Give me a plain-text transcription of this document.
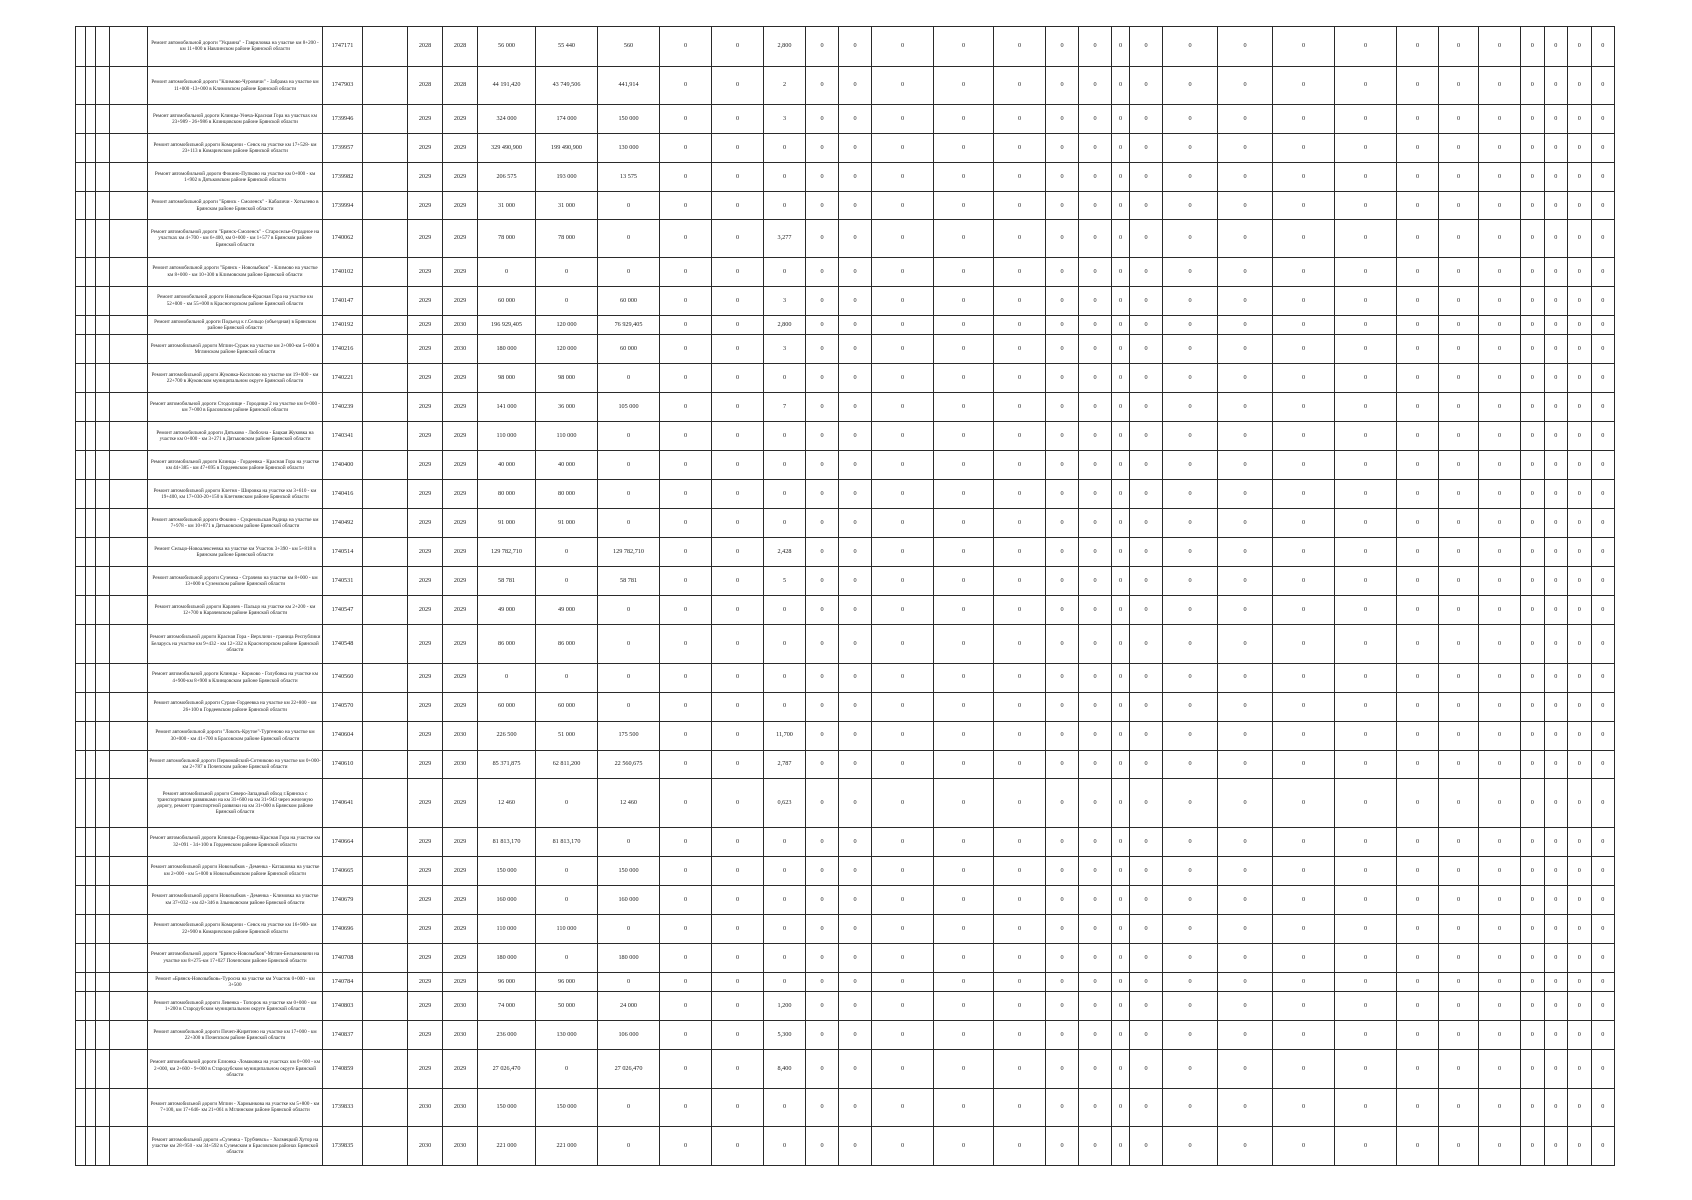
				Ремонт автомобильной дороги "Украина" - Гавриловка на участке км 8+200 - км 11+000 в Навлинском районе Брянской области	1747171		2028	2028	56 000	55 440	560	0	0	2,800	0	0	0	0	0	0	0	0	0	0	0	0	0	0	0	0	0	0	0	0
				Ремонт автомобильной дороги "Климово-Чуровичи" - Забрама на участке км 11+000 -13+000 в Климовском районе Брянской области	1747903		2028	2028	44 191,420	43 749,506	441,914	0	0	2	0	0	0	0	0	0	0	0	0	0	0	0	0	0	0	0	0	0	0	0
				Ремонт автомобильной дороги Клинцы-Унеча-Красная Гора на участках км 23+989 - 26+986 в Клинцовском районе Брянской области	1739946		2029	2029	324 000	174 000	150 000	0	0	3	0	0	0	0	0	0	0	0	0	0	0	0	0	0	0	0	0	0	0	0
				Ремонт автомобильной дороги Комаричи - Севск на участке км 17+528- км 23+113 в Комаричском районе Брянской области	1739957		2029	2029	329 490,900	199 490,900	130 000	0	0	0	0	0	0	0	0	0	0	0	0	0	0	0	0	0	0	0	0	0	0	0
				Ремонт автомобильной дороги Фокино-Пупково на участке км 0+000 - км 1+902 в Дятьковском районе Брянской области	1739982		2029	2029	206 575	193 000	13 575	0	0	0	0	0	0	0	0	0	0	0	0	0	0	0	0	0	0	0	0	0	0	0
				Ремонт автомобильной дороги "Брянск - Смоленск" - Кабаличи - Хотылево в Брянском районе Брянской области	1739994		2029	2029	31 000	31 000	0	0	0	0	0	0	0	0	0	0	0	0	0	0	0	0	0	0	0	0	0	0	0	0
				Ремонт автомобильной дороги "Брянск-Смоленск" - Староселье-Отрадное на участках км 4+700 - км 6+400, км 0+000 - км 1+577 в Брянском районе Брянской области	1740062		2029	2029	78 000	78 000	0	0	0	3,277	0	0	0	0	0	0	0	0	0	0	0	0	0	0	0	0	0	0	0	0
				Ремонт автомобильной дороги "Брянск - Новозыбков" - Климово на участке км 8+000 - км 10+300 в Климовском районе Брянской области	1740102		2029	2029	0	0	0	0	0	0	0	0	0	0	0	0	0	0	0	0	0	0	0	0	0	0	0	0	0	0
				Ремонт автомобильной дороги Новозыбков-Красная Гора на участке км 52+000 - км 55+000 в Красногорском районе Брянской области	1740147		2029	2029	60 000	0	60 000	0	0	3	0	0	0	0	0	0	0	0	0	0	0	0	0	0	0	0	0	0	0	0
				Ремонт автомобильной дороги Подъезд к г.Сельцо (объездная) в Брянском районе Брянской области	1740192		2029	2030	196 929,405	120 000	76 929,405	0	0	2,800	0	0	0	0	0	0	0	0	0	0	0	0	0	0	0	0	0	0	0	0
				Ремонт автомобильной дороги Мглин-Сураж на участке км 2+000-км 5+000 в Мглинском районе Брянской области	1740216		2029	2030	180 000	120 000	60 000	0	0	3	0	0	0	0	0	0	0	0	0	0	0	0	0	0	0	0	0	0	0	0
				Ремонт автомобильной дороги Жуковка-Косилово на участке км 19+000 - км 22+700 в Жуковском муниципальном округе Брянской области	1740221		2029	2029	98 000	98 000	0	0	0	0	0	0	0	0	0	0	0	0	0	0	0	0	0	0	0	0	0	0	0	0
				Ремонт автомобильной дороги Стодолище - Городище 2 на участке км 0+000 - км 7+000 в Брасовском районе Брянской области	1740239		2029	2029	141 000	36 000	105 000	0	0	7	0	0	0	0	0	0	0	0	0	0	0	0	0	0	0	0	0	0	0	0
				Ремонт автомобильной дороги Дятьково - Любохна - Бацкая Жуковка на участке км 0+000 - км 3+271 в Дятьковском районе Брянской области	1740341		2029	2029	110 000	110 000	0	0	0	0	0	0	0	0	0	0	0	0	0	0	0	0	0	0	0	0	0	0	0	0
				Ремонт автомобильной дороги Клинцы - Гордеевка - Красная Гора на участке км 44+385 - км 47+695 в Гордеевском районе Брянской области	1740400		2029	2029	40 000	40 000	0	0	0	0	0	0	0	0	0	0	0	0	0	0	0	0	0	0	0	0	0	0	0	0
				Ремонт автомобильной дороги Клетня - Шировка на участке км 3+610 - км 19+400, км 17+030-20+150 в Клетнянском районе Брянской области	1740416		2029	2029	80 000	80 000	0	0	0	0	0	0	0	0	0	0	0	0	0	0	0	0	0	0	0	0	0	0	0	0
				Ремонт автомобильной дороги Фокино - Сукремльская Радица на участке км 7+978 - км 10+871 в Дятьковском районе Брянской области	1740492		2029	2029	91 000	91 000	0	0	0	0	0	0	0	0	0	0	0	0	0	0	0	0	0	0	0	0	0	0	0	0
				Ремонт Сельцо-Новоалексеевка на участке км Участок 3+390 - км 5+818 в Брянском районе Брянской области	1740514		2029	2029	129 782,710	0	129 782,710	0	0	2,428	0	0	0	0	0	0	0	0	0	0	0	0	0	0	0	0	0	0	0	0
				Ремонт автомобильной дороги Суземка - Страчево на участке км 8+000 - км 13+000 в Суземском районе Брянской области	1740531		2029	2029	58 781	0	58 781	0	0	5	0	0	0	0	0	0	0	0	0	0	0	0	0	0	0	0	0	0	0	0
				Ремонт автомобильной дороги Карачев - Пальцо на участке км 2+200 - км 12+700 в Карачевском районе Брянской области	1740547		2029	2029	49 000	49 000	0	0	0	0	0	0	0	0	0	0	0	0	0	0	0	0	0	0	0	0	0	0	0	0
				Ремонт автомобильной дороги Красная Гора - Верхличи - граница Республики Беларусь на участке км 9+432 - км 12+332 в Красногорском районе Брянской области	1740548		2029	2029	86 000	86 000	0	0	0	0	0	0	0	0	0	0	0	0	0	0	0	0	0	0	0	0	0	0	0	0
				Ремонт автомобильной дороги Клинцы - Коржово - Голубовка на участке км 4+900-км 8+900 в Клинцовском районе Брянской области	1740560		2029	2029	0	0	0	0	0	0	0	0	0	0	0	0	0	0	0	0	0	0	0	0	0	0	0	0	0	0
				Ремонт автомобильной дороги Сураж-Гордеевка на участке км 22+800 - км 26+100 в Гордеевском районе Брянской области	1740570		2029	2029	60 000	60 000	0	0	0	0	0	0	0	0	0	0	0	0	0	0	0	0	0	0	0	0	0	0	0	0
				Ремонт автомобильной дороги "Локоть-Крутое"-Тургеново на участке км 30+000 - км 41+700 в Брасовском районе Брянской области	1740604		2029	2030	226 500	51 000	175 500	0	0	11,700	0	0	0	0	0	0	0	0	0	0	0	0	0	0	0	0	0	0	0	0
				Ремонт автомобильной дороги Первомайский-Сотниково на участке км 0+000-км 2+787 в Почепском районе Брянской области	1740610		2029	2030	85 371,875	62 811,200	22 560,675	0	0	2,787	0	0	0	0	0	0	0	0	0	0	0	0	0	0	0	0	0	0	0	0
				Ремонт автомобильной дороги Северо-Западный обход г.Брянска с транспортными развязками на км 31+600 на км 31+943 через железную дорогу, ремонт транспортной развязки на км 31+000 в Брянском районе Брянской области	1740641		2029	2029	12 460	0	12 460	0	0	0,623	0	0	0	0	0	0	0	0	0	0	0	0	0	0	0	0	0	0	0	0
				Ремонт автомобильной дороги Клинцы-Гордеевка-Красная Гора на участке км 32+091 - 34+100 в Гордеевском районе Брянской области	1740664		2029	2029	81 813,170	81 813,170	0	0	0	0	0	0	0	0	0	0	0	0	0	0	0	0	0	0	0	0	0	0	0	0
				Ремонт автомобильной дороги Новозыбков - Деменка - Каташовка на участке км 2+000 - км 5+000 в Новозыбковском районе Брянской области	1740665		2029	2029	150 000	0	150 000	0	0	0	0	0	0	0	0	0	0	0	0	0	0	0	0	0	0	0	0	0	0	0
				Ремонт автомобильной дороги Новозыбков - Деменка - Климовка на участке км 37+032 - км 42+346 в Злынковском районе Брянской области	1740679		2029	2029	160 000	0	160 000	0	0	0	0	0	0	0	0	0	0	0	0	0	0	0	0	0	0	0	0	0	0	0
				Ремонт автомобильной дороги Комаричи - Севск на участке км 16+900- км 22+900 в Комаричском районе Брянской области	1740696		2029	2029	110 000	110 000	0	0	0	0	0	0	0	0	0	0	0	0	0	0	0	0	0	0	0	0	0	0	0	0
				Ремонт автомобильной дороги "Брянск-Новозыбков"-Мглин-Белынковичи на участке км 8+275-км 17+027 Почепском районе Брянской области	1740708		2029	2029	180 000	0	180 000	0	0	0	0	0	0	0	0	0	0	0	0	0	0	0	0	0	0	0	0	0	0	0
				Ремонт «Брянск-Новозыбков»-Туросна на участке км Участок 0+000 - км 3+500	1740784		2029	2029	96 000	96 000	0	0	0	0	0	0	0	0	0	0	0	0	0	0	0	0	0	0	0	0	0	0	0	0
				Ремонт автомобильной дороги Левенка - Топорок на участке км 0+000 - км 1+200 в Стародубском муниципальном округе Брянской области	1740803		2029	2030	74 000	50 000	24 000	0	0	1,200	0	0	0	0	0	0	0	0	0	0	0	0	0	0	0	0	0	0	0	0
				Ремонт автомобильной дороги Почеп-Жирятино на участке км 17+000 - км 22+300 в Почепском районе Брянской области	1740837		2029	2030	236 000	130 000	106 000	0	0	5,300	0	0	0	0	0	0	0	0	0	0	0	0	0	0	0	0	0	0	0	0
				Ремонт автомобильной дороги Елионка -Ломаковка на участках км 0+000 - км 2+000, км 2+600 - 9+000 в Стародубском муниципальном округе Брянской области	1740859		2029	2029	27 026,470	0	27 026,470	0	0	8,400	0	0	0	0	0	0	0	0	0	0	0	0	0	0	0	0	0	0	0	0
				Ремонт автомобильной дороги Мглин - Хармынкова на участке км 5+800 - км 7+100, км 17+646- км 21+061 в Мглинском районе Брянской области	1739833		2030	2030	150 000	150 000	0	0	0	0	0	0	0	0	0	0	0	0	0	0	0	0	0	0	0	0	0	0	0	0
				Ремонт автомобильной дороги «Суземка - Трубчевск» - Холмецкий Хутор на участке км 28+950 - км 34+592 в Суземском и Брасовском районах Брянской области	1739835		2030	2030	221 000	221 000	0	0	0	0	0	0	0	0	0	0	0	0	0	0	0	0	0	0	0	0	0	0	0	0
